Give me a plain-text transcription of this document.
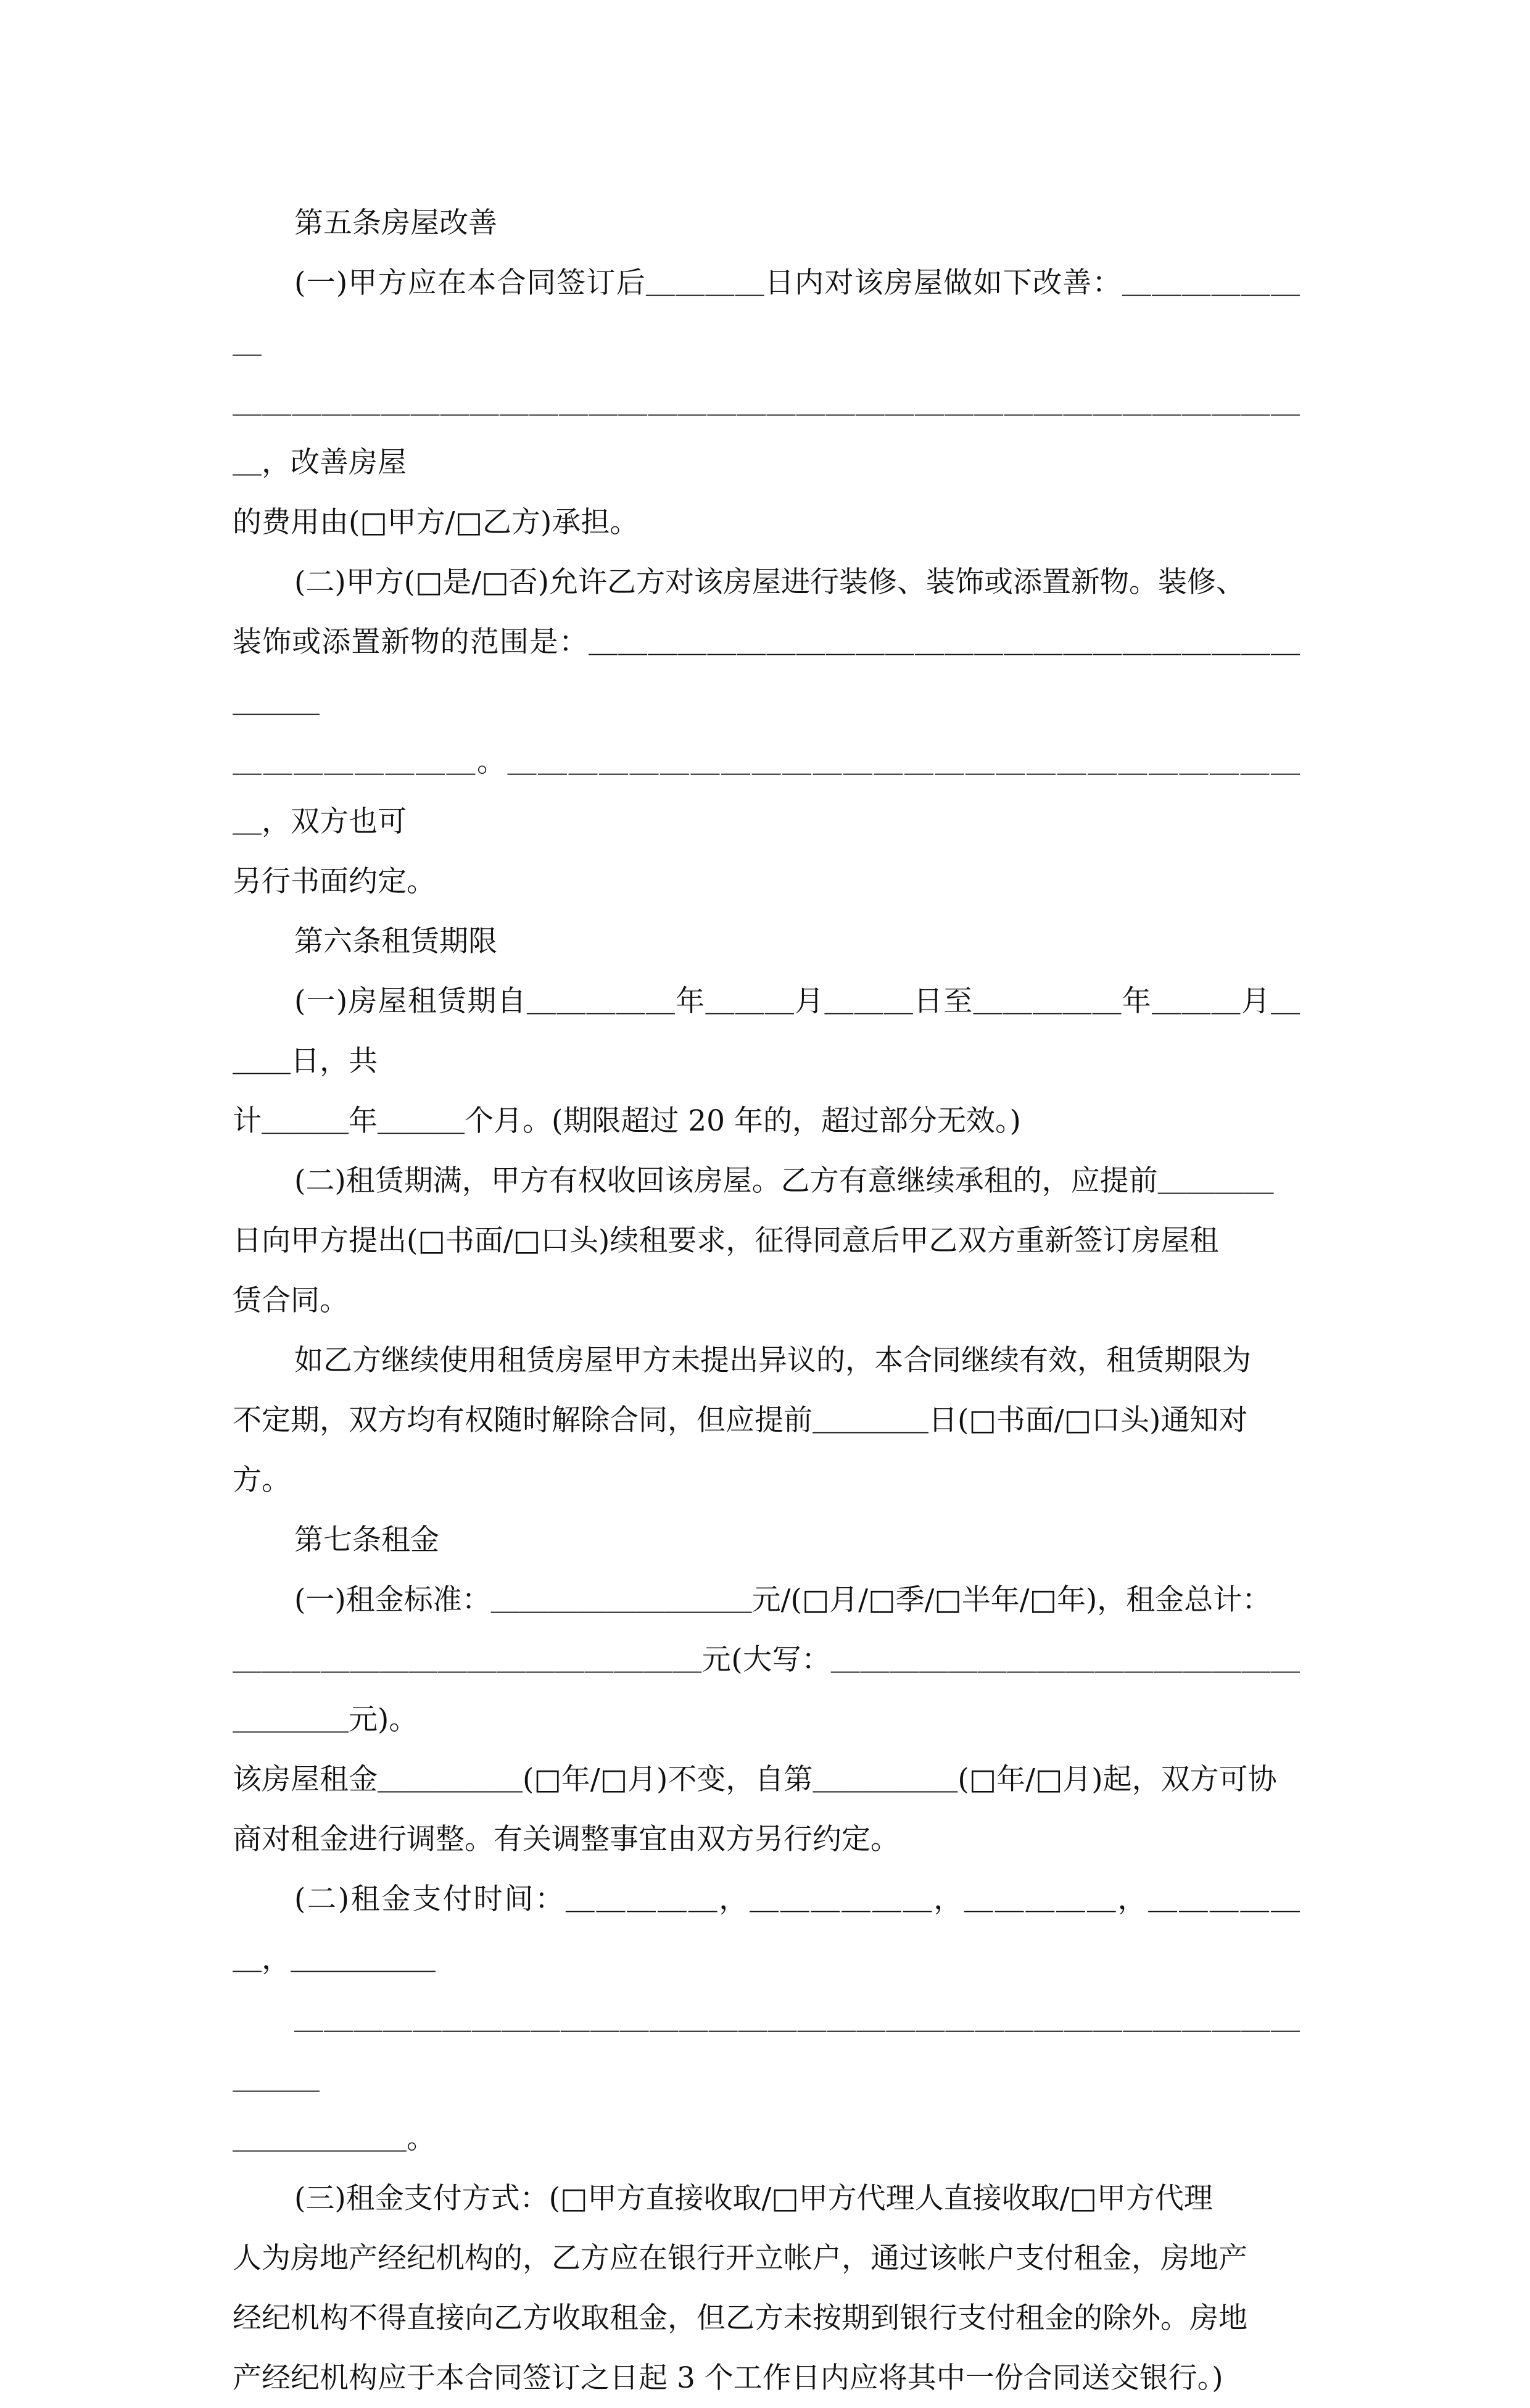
第五条房屋改善

(一)甲方应在本合同签订后＿＿＿＿日内对该房屋做如下改善：＿＿＿＿＿＿＿

＿＿＿＿＿＿＿＿＿＿＿＿＿＿＿＿＿＿＿＿＿＿＿＿＿＿＿＿＿＿＿＿＿＿＿＿＿，改善房屋

的费用由(□甲方/□乙方)承担。

(二)甲方(□是/□否)允许乙方对该房屋进行装修、装饰或添置新物。装修、

装饰或添置新物的范围是：＿＿＿＿＿＿＿＿＿＿＿＿＿＿＿＿＿＿＿＿＿＿＿＿＿＿＿

＿＿＿＿＿＿＿＿。＿＿＿＿＿＿＿＿＿＿＿＿＿＿＿＿＿＿＿＿＿＿＿＿＿＿＿，双方也可

另行书面约定。

第六条租赁期限

(一)房屋租赁期自＿＿＿＿＿年＿＿＿月＿＿＿日至＿＿＿＿＿年＿＿＿月＿＿＿日，共

计＿＿＿年＿＿＿个月。(期限超过 20 年的，超过部分无效。)

(二)租赁期满，甲方有权收回该房屋。乙方有意继续承租的，应提前＿＿＿＿

日向甲方提出(□书面/□口头)续租要求，征得同意后甲乙双方重新签订房屋租

赁合同。

如乙方继续使用租赁房屋甲方未提出异议的，本合同继续有效，租赁期限为

不定期，双方均有权随时解除合同，但应提前＿＿＿＿日(□书面/□口头)通知对

方。

第七条租金

(一)租金标准：＿＿＿＿＿＿＿＿＿元/(□月/□季/□半年/□年)，租金总计：

＿＿＿＿＿＿＿＿＿＿＿＿＿＿＿＿元(大写：＿＿＿＿＿＿＿＿＿＿＿＿＿＿＿＿＿＿＿＿元)。

该房屋租金＿＿＿＿＿(□年/□月)不变，自第＿＿＿＿＿(□年/□月)起，双方可协

商对租金进行调整。有关调整事宜由双方另行约定。

(二)租金支付时间：＿＿＿＿＿，＿＿＿＿＿＿，＿＿＿＿＿，＿＿＿＿＿＿，＿＿＿＿＿

＿＿＿＿＿＿＿＿＿＿＿＿＿＿＿＿＿＿＿＿＿＿＿＿＿＿＿＿＿＿＿＿＿＿＿＿＿

＿＿＿＿＿＿。

(三)租金支付方式：(□甲方直接收取/□甲方代理人直接收取/□甲方代理

人为房地产经纪机构的，乙方应在银行开立帐户，通过该帐户支付租金，房地产

经纪机构不得直接向乙方收取租金，但乙方未按期到银行支付租金的除外。房地

产经纪机构应于本合同签订之日起 3 个工作日内应将其中一份合同送交银行。)
